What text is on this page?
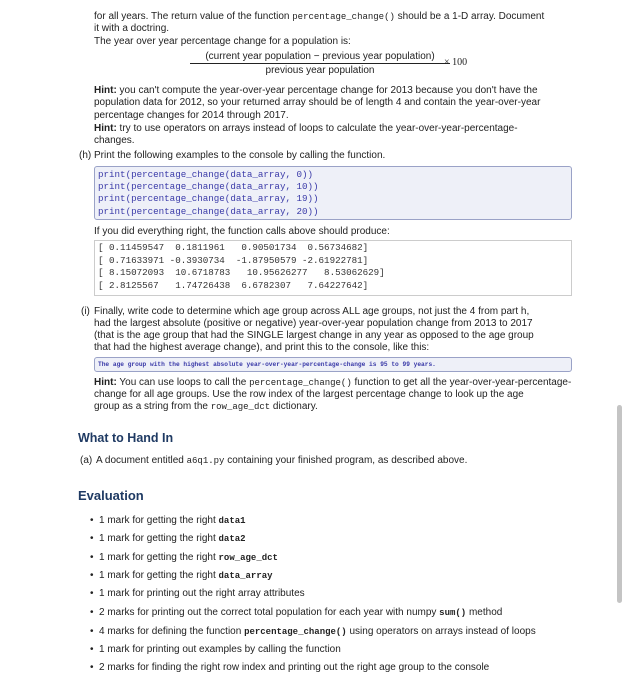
for all years. The return value of the function percentage_change() should be a 1-D array. Document
it with a doctring.
The year over year percentage change for a population is:
(current year population − previous year population)
previous year population
× 100
Hint: you can't compute the year-over-year percentage change for 2013 because you don't have the
population data for 2012, so your returned array should be of length 4 and contain the year-over-year
percentage changes for 2014 through 2017.
Hint: try to use operators on arrays instead of loops to calculate the year-over-year-percentage-
changes.
(h) Print the following examples to the console by calling the function.
print(percentage_change(data_array, 0))
print(percentage_change(data_array, 10))
print(percentage_change(data_array, 19))
print(percentage_change(data_array, 20))
If you did everything right, the function calls above should produce:
[ 0.11459547  0.1811961   0.90501734  0.56734682]
[ 0.71633971 -0.3930734  -1.87950579 -2.61922781]
[ 8.15072093  10.6718783   10.95626277   8.53062629]
[ 2.8125567   1.74726438  6.6782307   7.64227642]
(i) Finally, write code to determine which age group across ALL age groups, not just the 4 from part h,
had the largest absolute (positive or negative) year-over-year population change from 2013 to 2017
(that is the age group that had the SINGLE largest change in any year as opposed to the age group
that had the highest average change), and print this to the console, like this:
The age group with the highest absolute year-over-year-percentage-change is 95 to 99 years.
Hint: You can use loops to call the percentage_change() function to get all the year-over-year-percentage-
change for all age groups. Use the row index of the largest percentage change to look up the age
group as a string from the row_age_dct dictionary.
What to Hand In
(a) A document entitled a6q1.py containing your finished program, as described above.
Evaluation
• 1 mark for getting the right data1
• 1 mark for getting the right data2
• 1 mark for getting the right row_age_dct
• 1 mark for getting the right data_array
• 1 mark for printing out the right array attributes
• 2 marks for printing out the correct total population for each year with numpy sum() method
• 4 marks for defining the function percentage_change() using operators on arrays instead of loops
• 1 mark for printing out examples by calling the function
• 2 marks for finding the right row index and printing out the right age group to the console
